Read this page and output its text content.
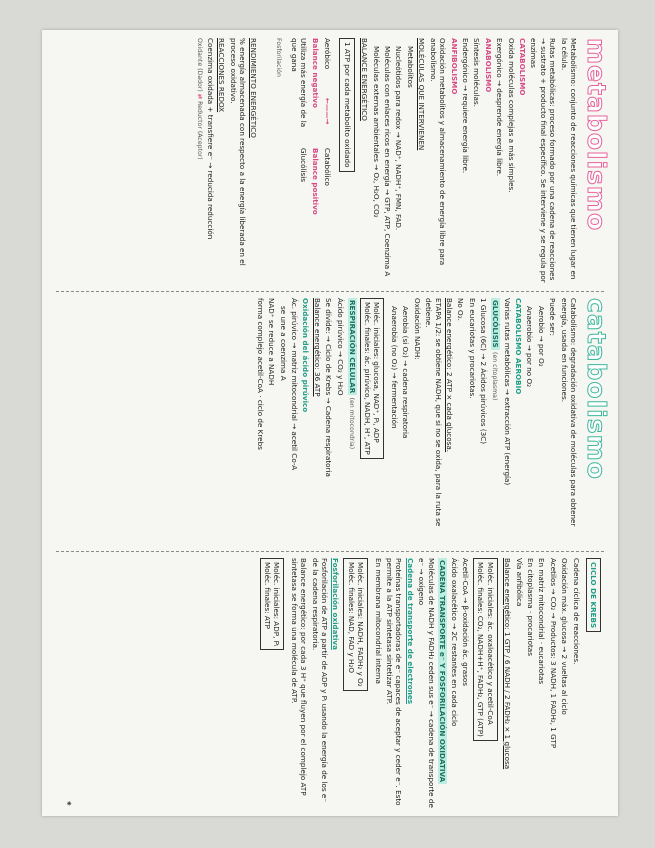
metabolismo

Metabolismo: conjunto de reacciones químicas que tienen lugar en la célula.

Rutas metabólicas: proceso formado por una cadena de reacciones → sustrato + producto final específico. Se interviene y se regula por enzimas

CATABOLISMO

Oxida moléculas complejas a más simples.

Exergónico → desprende energía libre.

ANABOLISMO

Síntesis moléculas.

Endergónico → requiere energía libre.

ANFIBOLISMO

Oxidación metabolitos y almacenamiento de energía libre para anabolismo.

MOLÉCULAS QUE INTERVIENEN

Metabolitos

Nucleótidos para redox → NAD⁺, NADH⁺, FMN, FAD.

Moléculas con enlaces ricos en energía → GTP, ATP, Coenzima A

Moléculas externas ambientales → O₂, H₂O, CO₂

BALANCE ENERGÉTICO

1 ATP por cada metabolito oxidado
Aeróbico
Balance negativo
Utiliza más energía de la que gana
Fosforilación
Catabólico
Balance positivo
Glucólisis
←——→

RENDIMIENTO ENERGÉTICO

% energía almacenada con respecto a la energía liberada en el proceso oxidativo.

REACCIONES REDOX

Coenzima oxidada + transfiere e⁻ → reducida reducción

Oxidante (Dador) ⇄ Reductor (Aceptor)

catabolismo

Catabolismo: degradación oxidativa de moléculas para obtener energía, usada en funciones.

Puede ser:

Aerobio → por O₂

Anaerobio → por no O₂

CATABOLISMO AEROBIO

Varias rutas metabólicas → extracción ATP (energía)

GLUCÓLISIS (en citoplasma)

1 Glucosa (6C) → 2 Ácidos pirúvicos (3C)

En eucariotas y procariotas.

No O₂.

Balance energético: 2 ATP × cada glucosa.

ETAPA 1/2: se obtiene NADH, que si no se oxida, para la ruta se detiene.

Oxidación NADH:

Aerobia (si O₂) → cadena respiratoria

Anaerobia (no O₂) → fermentación

Moléc. iniciales: glucosa, NAD⁺, Pᵢ, ADP
Moléc. finales: ác. pirúvico, NADH, H⁺, ATP

RESPIRACIÓN CELULAR (en mitocondria)

Ácido pirúvico → CO₂ y H₂O

Se divide: → Ciclo de Krebs → Cadena respiratoria

Balance energético: 36 ATP

Oxidación del ácido pirúvico

Ác. pirúvico → matriz mitocondrial → acetil Co-A

se une a coenzima A

NAD⁺ se reduce a NADH

forma complejo acetil-CoA · ciclo de Krebs

CICLO DE KREBS

Cadena cíclica de reacciones.

Oxidación máx. glucosa → 2 vueltas al ciclo

Acetilos → CO₂ → Productos: 3 NADH, 1 FADH₂, 1 GTP

En matriz mitocondrial · eucariotas

En citoplasma · procariotas

Vía anfibólica

Balance energético: 1 GTP / 6 NADH / 2 FADH₂ × 1 glucosa

Moléc. iniciales: ác. oxaloacético y acetil-CoA
Moléc. finales: CO₂, NADH+H⁺, FADH₂, GTP (ATP)

Acetil-CoA → β-oxidación ác. grasos

Ácido oxalacético → 2C restantes en cada ciclo

CADENA TRANSPORTE e⁻ Y FOSFORILACIÓN OXIDATIVA

Moléculas de NADH y FADH₂ ceden sus e⁻ → cadena de transporte de e⁻ → oxígeno

Cadena de transporte de electrones

Proteínas transportadoras de e⁻ capaces de aceptar y ceder e⁻. Esto permite a la ATP sintetasa sintetizar ATP.

En membrana mitocondrial interna

Moléc. iniciales: NADH, FADH₂ y O₂
Moléc. finales: NAD, FAD y H₂O

Fosforilación oxidativa

Fosforilación de ATP a partir de ADP y Pᵢ usando la energía de los e⁻ de la cadena respiratoria.

Balance energético: por cada 3 H⁺ que fluyen por el complejo ATP sintetasa se forma una molécula de ATP.

Moléc. iniciales: ADP, Pᵢ
Moléc. finales: ATP
⁕
